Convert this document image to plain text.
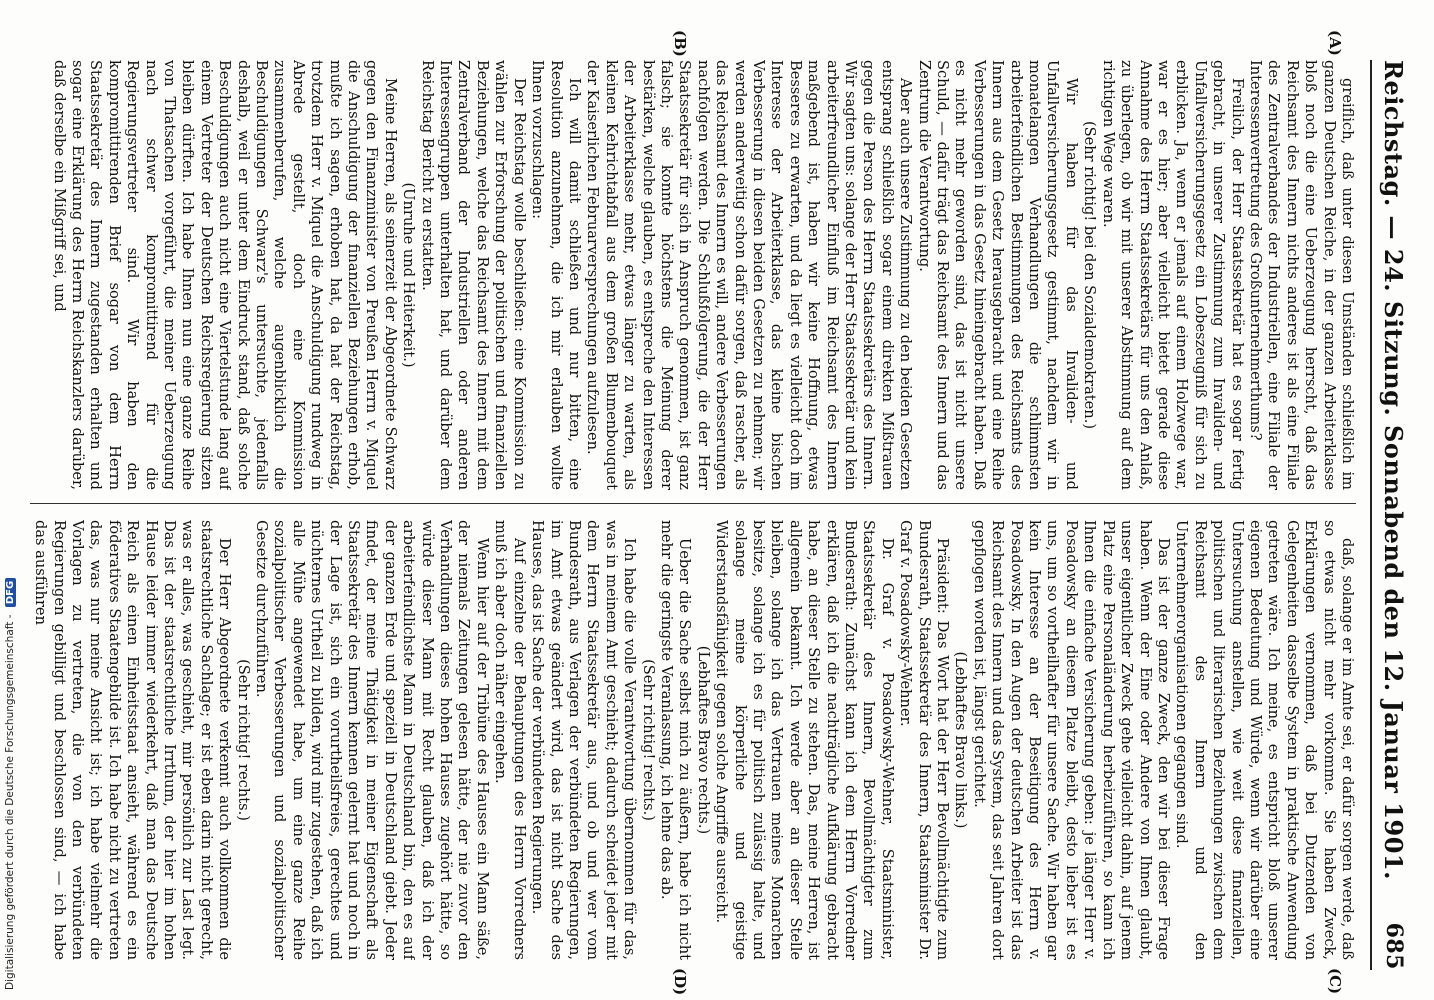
Reichstag. — 24. Sitzung. Sonnabend den 12. Januar 1901.
685
(A)
(B)
(C)
(D)

greiflich, daß unter diesen Umständen schließlich im ganzen Deutschen Reiche, in der ganzen Arbeiterklasse bloß noch die eine Ueberzeugung herrscht, daß das Reichsamt des Innern nichts anderes ist als eine Filiale des Zentralverbandes der Industriellen, eine Filiale der Interessenvertretung des Großunternehmerthums?

Freilich, der Herr Staatssekretär hat es sogar fertig gebracht, in unserer Zustimmung zum Invaliden- und Unfallversicherungsgesetz ein Lobeszeugniß für sich zu erblicken. Ja, wenn er jemals auf einem Holzwege war, war er es hier; aber vielleicht bietet gerade diese Annahme des Herrn Staatssekretärs für uns den Anlaß, zu überlegen, ob wir mit unserer Abstimmung auf dem richtigen Wege waren.

(Sehr richtig! bei den Sozialdemokraten.)

Wir haben für das Invaliden- und Unfallversicherungsgesetz gestimmt, nachdem wir in monatelangen Verhandlungen die schlimmsten arbeiterfeindlichen Bestimmungen des Reichsamts des Innern aus dem Gesetz herausgebracht und eine Reihe Verbesserungen in das Gesetz hineingebracht haben. Daß es nicht mehr geworden sind, das ist nicht unsere Schuld, — dafür trägt das Reichsamt des Innern und das Zentrum die Verantwortung.

Aber auch unsere Zustimmung zu den beiden Gesetzen entsprang schließlich sogar einem direkten Mißtrauen gegen die Person des Herrn Staatssekretärs des Innern. Wir sagten uns: solange der Herr Staatssekretär und kein arbeiterfreundlicher Einfluß im Reichsamt des Innern maßgebend ist, haben wir keine Hoffnung, etwas Besseres zu erwarten, und da liegt es vielleicht doch im Interesse der Arbeiterklasse, das kleine bischen Verbesserung in diesen beiden Gesetzen zu nehmen; wir werden anderweitig schon dafür sorgen, daß rascher, als das Reichsamt des Innern es will, andere Verbesserungen nachfolgen werden. Die Schlußfolgerung, die der Herr Staatssekretär für sich in Anspruch genommen, ist ganz falsch; sie konnte höchstens die Meinung derer bestärken, welche glauben, es entspreche den Interessen der Arbeiterklasse mehr, etwas länger zu warten, als kleinen Kehrichtabfall aus dem großen Blumenbouquet der Kaiserlichen Februarversprechungen aufzulesen.

Ich will damit schließen und nur bitten, eine Resolution anzunehmen, die ich mir erlauben wollte Ihnen vorzuschlagen:

Der Reichstag wolle beschließen: eine Kommission zu wählen zur Erforschung der politischen und finanziellen Beziehungen, welche das Reichsamt des Innern mit dem Zentralverband der Industriellen oder anderen Interessengruppen unterhalten hat, und darüber dem Reichstag Bericht zu erstatten.

(Unruhe und Heiterkeit.)

Meine Herren, als seinerzeit der Abgeordnete Schwarz gegen den Finanzminister von Preußen Herrn v. Miquel die Anschuldigung der finanziellen Beziehungen erhob, mußte ich sagen, erhoben hat, da hat der Reichstag, trotzdem Herr v. Miquel die Anschuldigung rundweg in Abrede gestellt, doch eine Kommission zusammenberufen, welche augenblicklich die Beschuldigungen Schwarz's untersuchte, jedenfalls deshalb, weil er unter dem Eindruck stand, daß solche Beschuldigungen auch nicht eine Viertelstunde lang auf einem Vertreter der Deutschen Reichsregierung sitzen bleiben dürften. Ich habe Ihnen nun eine ganze Reihe von Thatsachen vorgeführt, die meiner Ueberzeugung nach schwer kompromittirend für die Regierungsvertreter sind. Wir haben den kompromittirenden Brief sogar von dem Herrn Staatssekretär des Innern zugestanden erhalten und sogar eine Erklärung des Herrn Reichskanzlers darüber, daß derselbe ein Mißgriff sei, und

daß, solange er im Amte sei, er dafür sorgen werde, daß so etwas nicht mehr vorkomme. Sie haben Zweck, Erklärungen vernommen, daß bei Dutzenden von Gelegenheiten dasselbe System in praktische Anwendung getreten wäre. Ich meine, es entspricht bloß unserer eigenen Bedeutung und Würde, wenn wir darüber eine Untersuchung anstellen, wie weit diese finanziellen, politischen und literarischen Beziehungen zwischen dem Reichsamt des Innern und den Unternehmerorganisationen gegangen sind.

Das ist der ganze Zweck, den wir bei dieser Frage haben. Wenn der Eine oder Andere von Ihnen glaubt, unser eigentlicher Zweck gehe vielleicht dahin, auf jenem Platz eine Personaländerung herbeizuführen, so kann ich Ihnen die einfache Versicherung geben: je länger Herr v. Posadowsky an diesem Platze bleibt, desto lieber ist es uns, um so vortheilhafter für unsere Sache. Wir haben gar kein Interesse an der Beseitigung des Herrn v. Posadowsky. In den Augen der deutschen Arbeiter ist das Reichsamt des Innern und das System, das seit Jahren dort gepflogen worden ist, längst gerichtet.

(Lebhaftes Bravo links.)

Präsident: Das Wort hat der Herr Bevollmächtigte zum Bundesrath, Staatssekretär des Innern, Staatsminister Dr. Graf v. Posadowsky-Wehner.

Dr. Graf v. Posadowsky-Wehner, Staatsminister, Staatssekretär des Innern, Bevollmächtigter zum Bundesrath: Zunächst kann ich dem Herrn Vorredner erklären, daß ich die nachträgliche Aufklärung gebracht habe, an dieser Stelle zu stehen. Das, meine Herren, ist allgemein bekannt. Ich werde aber an dieser Stelle bleiben, solange ich das Vertrauen meines Monarchen besitze, solange ich es für politisch zulässig halte, und solange meine körperliche und geistige Widerstandsfähigkeit gegen solche Angriffe ausreicht.

(Lebhaftes Bravo rechts.)

Ueber die Sache selbst mich zu äußern, habe ich nicht mehr die geringste Veranlassung, ich lehne das ab.

(Sehr richtig! rechts.)

Ich habe die volle Verantwortung übernommen für das, was in meinem Amt geschieht; dadurch scheidet jeder mit dem Herrn Staatssekretär aus, und ob und wer vom Bundesrath, aus Verlagen der verbündeten Regierungen, im Amt etwas geändert wird, das ist nicht Sache des Hauses, das ist Sache der verbündeten Regierungen.

Auf einzelne der Behauptungen des Herrn Vorredners muß ich aber doch näher eingehen.

Wenn hier auf der Tribüne des Hauses ein Mann säße, der niemals Zeitungen gelesen hätte, der nie zuvor den Verhandlungen dieses hohen Hauses zugehört hätte, so würde dieser Mann mit Recht glauben, daß ich der arbeiterfeindlichste Mann in Deutschland bin, den es auf der ganzen Erde und speziell in Deutschland giebt. Jeder findet, der meine Thätigkeit in meiner Eigenschaft als Staatssekretär des Innern kennen gelernt hat und noch in der Lage ist, sich ein vorurtheilsfreies, gerechtes und nüchternes Urtheil zu bilden, wird mir zugestehen, daß ich alle Mühe angewendet habe, um eine ganze Reihe sozialpolitischer Verbesserungen und sozialpolitischer Gesetze durchzuführen.

(Sehr richtig! rechts.)

Der Herr Abgeordnete verkennt auch vollkommen die staatsrechtliche Sachlage; er ist eben darin nicht gerecht, was er alles, was geschieht, mir persönlich zur Last legt. Das ist der staatsrechtliche Irrthum, der hier im hohen Hause leider immer wiederkehrt, daß man das Deutsche Reich als einen Einheitsstaat ansieht, während es ein föderatives Staatengebilde ist. Ich habe nicht zu vertreten das, was nur meine Ansicht ist; ich habe vielmehr die Vorlagen zu vertreten, die von den verbündeten Regierungen gebilligt und beschlossen sind, — ich habe das ausführen

Digitalisierung gefördert durch die Deutsche Forschungsgemeinschaft - DFG
